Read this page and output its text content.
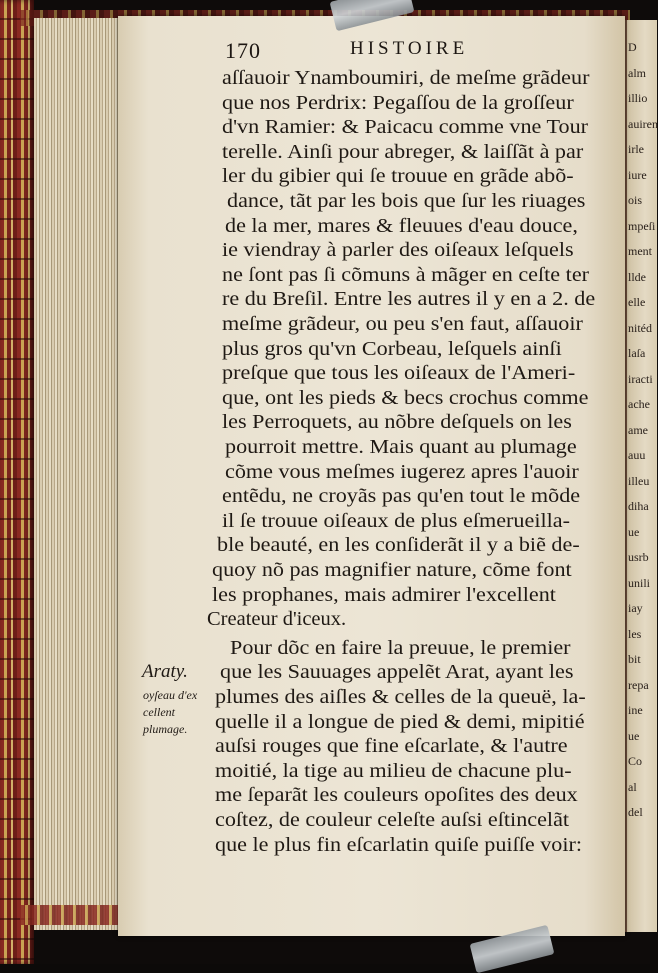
D
alm
illio
auiren
irle
iure
ois
mpeſi
ment
llde
elle
nitéd
laſa
iracti
ache
ame
auu
illeu
diha
ue
usrb
unili
iay
les
bit
repa
ine
ue
Co
al
del
170	HISTOIRE
aſſauoir Ynamboumiri, de meſme grãdeur
que nos Perdrix: Pegaſſou de la groſſeur
d'vn Ramier: & Paicacu comme vne Tour
terelle. Ainſi pour abreger, & laiſſãt à par
ler du gibier qui ſe trouue en grãde abõ-
dance, tãt par les bois que ſur les riuages
de la mer, mares & fleuues d'eau douce,
ie viendray à parler des oiſeaux leſquels
ne ſont pas ſi cõmuns à mãger en ceſte ter
re du Breſil. Entre les autres il y en a 2. de
meſme grãdeur, ou peu s'en faut, aſſauoir
plus gros qu'vn Corbeau, leſquels ainſi
preſque que tous les oiſeaux de l'Ameri-
que, ont les pieds & becs crochus comme
les Perroquets, au nõbre deſquels on les
pourroit mettre. Mais quant au plumage
cõme vous meſmes iugerez apres l'auoir
entẽdu, ne croyãs pas qu'en tout le mõde
il ſe trouue oiſeaux de plus eſmerueilla-
ble beauté, en les conſiderãt il y a biẽ de-
quoy nõ pas magnifier nature, cõme font
les prophanes, mais admirer l'excellent
Createur d'iceux.
Pour dõc en faire la preuue, le premier
que les Sauuages appelẽt Arat, ayant les
plumes des aiſles & celles de la queuë, la-
quelle il a longue de pied & demi, mipitié
auſsi rouges que fine eſcarlate, & l'autre
moitié, la tige au milieu de chacune plu-
me ſeparãt les couleurs opoſites des deux
coſtez, de couleur celeſte auſsi eſtincelãt
que le plus fin eſcarlatin quiſe puiſſe voir:
Araty.
oyſeau d'ex
cellent
plumage.
